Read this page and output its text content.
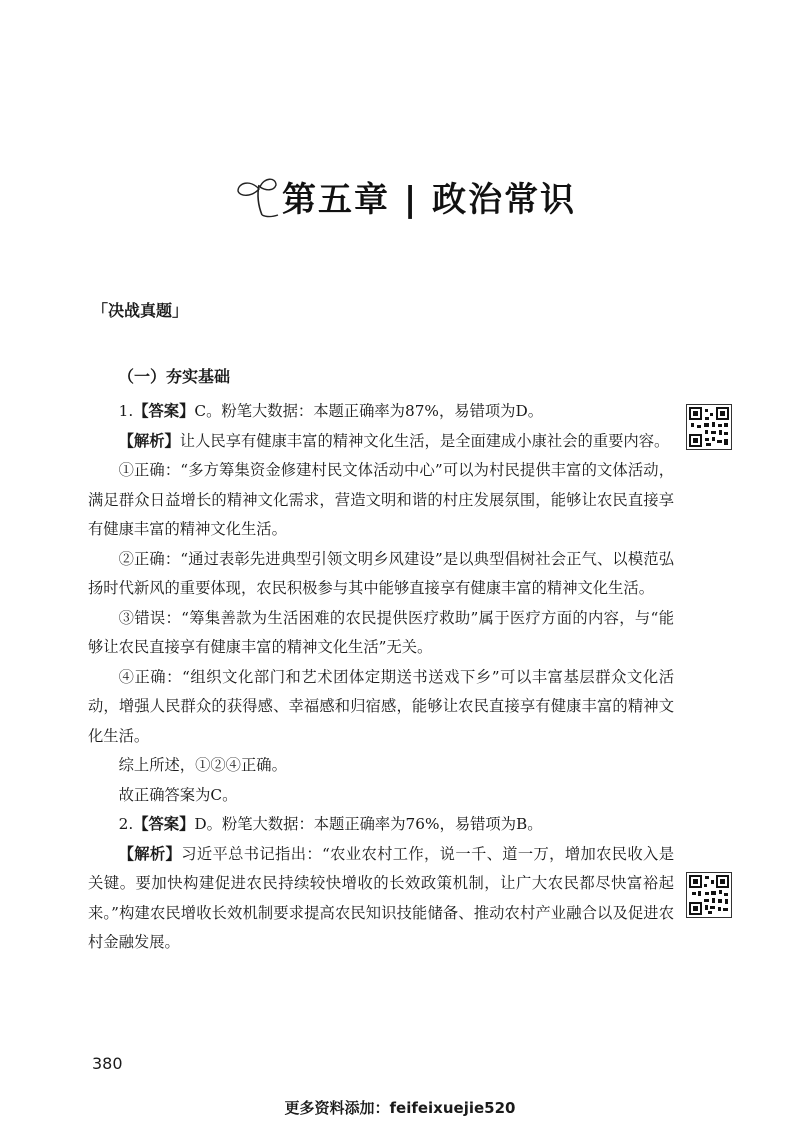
第五章 | 政治常识
「决战真题」
（一）夯实基础

1.【答案】C。粉笔大数据：本题正确率为87%，易错项为D。

【解析】让人民享有健康丰富的精神文化生活，是全面建成小康社会的重要内容。

①正确：“多方筹集资金修建村民文体活动中心”可以为村民提供丰富的文体活动，满足群众日益增长的精神文化需求，营造文明和谐的村庄发展氛围，能够让农民直接享有健康丰富的精神文化生活。

②正确：“通过表彰先进典型引领文明乡风建设”是以典型倡树社会正气、以模范弘扬时代新风的重要体现，农民积极参与其中能够直接享有健康丰富的精神文化生活。

③错误：“筹集善款为生活困难的农民提供医疗救助”属于医疗方面的内容，与“能够让农民直接享有健康丰富的精神文化生活”无关。

④正确：“组织文化部门和艺术团体定期送书送戏下乡”可以丰富基层群众文化活动，增强人民群众的获得感、幸福感和归宿感，能够让农民直接享有健康丰富的精神文化生活。

综上所述，①②④正确。

故正确答案为C。

2.【答案】D。粉笔大数据：本题正确率为76%，易错项为B。

【解析】习近平总书记指出：“农业农村工作，说一千、道一万，增加农民收入是关键。要加快构建促进农民持续较快增收的长效政策机制，让广大农民都尽快富裕起来。”构建农民增收长效机制要求提高农民知识技能储备、推动农村产业融合以及促进农村金融发展。

380
更多资料添加：feifeixuejie520
